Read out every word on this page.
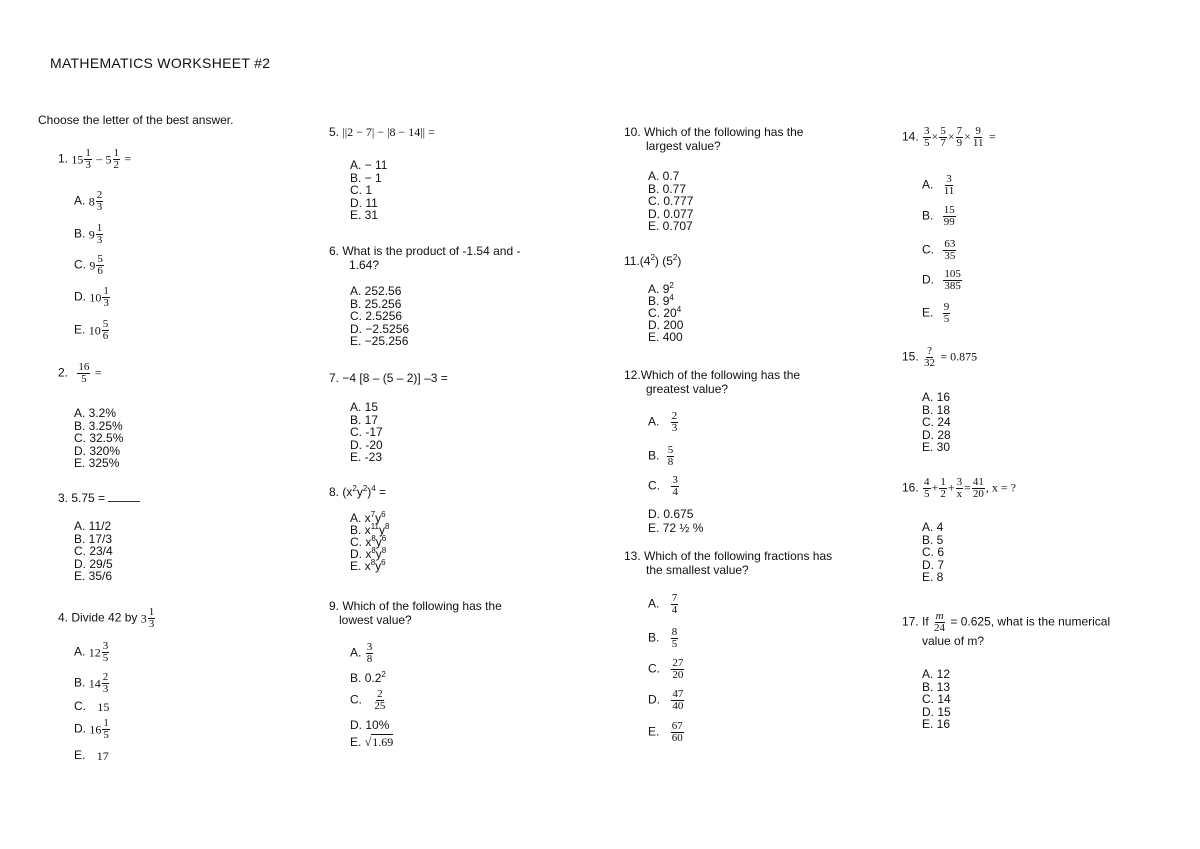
MATHEMATICS WORKSHEET #2
Choose the letter of the best answer.
1. $15 \frac{1}{3} - 5 \frac{1}{2}$ =
A. $8 \frac{2}{3}$
B. $9 \frac{1}{3}$
C. $9 \frac{5}{6}$
D. $10 \frac{1}{3}$
E. $10 \frac{5}{6}$
2. $\frac{16}{5}$ =
A. 3.2%
B. 3.25%
C. 32.5%
D. 320%
E. 325%
3. 5.75 =
A. 11/2
B. 17/3
C. 23/4
D. 29/5
E. 35/6
4. Divide 42 by $3 \frac{1}{3}$
A. $12 \frac{3}{5}$
B. $14 \frac{2}{3}$
C. 15
D. $16 \frac{1}{5}$
E. 17
5. ||2 − 7| − |8 − 14|| =
A. − 11
B. − 1
C. 1
D. 11
E. 31
6. What is the product of -1.54 and -
1.64?
A. 252.56
B. 25.256
C. 2.5256
D. −2.5256
E. −25.256
7. −4 [8 – (5 – 2)] –3 =
A. 15
B. 17
C. -17
D. -20
E. -23
8. $(x^2y^2)^4$ =
A. $x^7y^6$
B. $x^{11}y^8$
C. $x^8y^6$
D. $x^8y^8$
E. $x^8y^6$
9. Which of the following has the
lowest value?
A. $\frac{3}{8}$
B. $0.2^2$
C. $\frac{2}{25}$
D. 10%
E. √1.69
10. Which of the following has the
largest value?
A. 0.7
B. 0.77
C. 0.777
D. 0.077
E. 0.707
$11.(4^2)$ $(5^2)$
A. $9^2$
B. $9^4$
C. $20^4$
D. 200
E. 400
12.Which of the following has the
greatest value?
A. $\frac{2}{3}$
B. $\frac{5}{8}$
C. $\frac{3}{4}$
D. 0.675
E. 72 ½ %
13. Which of the following fractions has
the smallest value?
A. $\frac{7}{4}$
B. $\frac{8}{5}$
C. $\frac{27}{20}$
D. $\frac{47}{40}$
E. $\frac{67}{60}$
14. $\frac{3}{5} \times \frac{5}{7} \times \frac{7}{9} \times \frac{9}{11}$ =
A. $\frac{3}{11}$
B. $\frac{15}{99}$
C. $\frac{63}{35}$
D. $\frac{105}{385}$
E. $\frac{9}{5}$
15. $\frac{?}{32} = 0.875$
A. 16
B. 18
C. 24
D. 28
E. 30
16. $\frac{4}{5} + \frac{1}{2} + \frac{3}{x} = \frac{41}{20}$ , x = ?
A. 4
B. 5
C. 6
D. 7
E. 8
17. If $\frac{m}{24} = 0.625$, what is the numerical
value of m?
A. 12
B. 13
C. 14
D. 15
E. 16
